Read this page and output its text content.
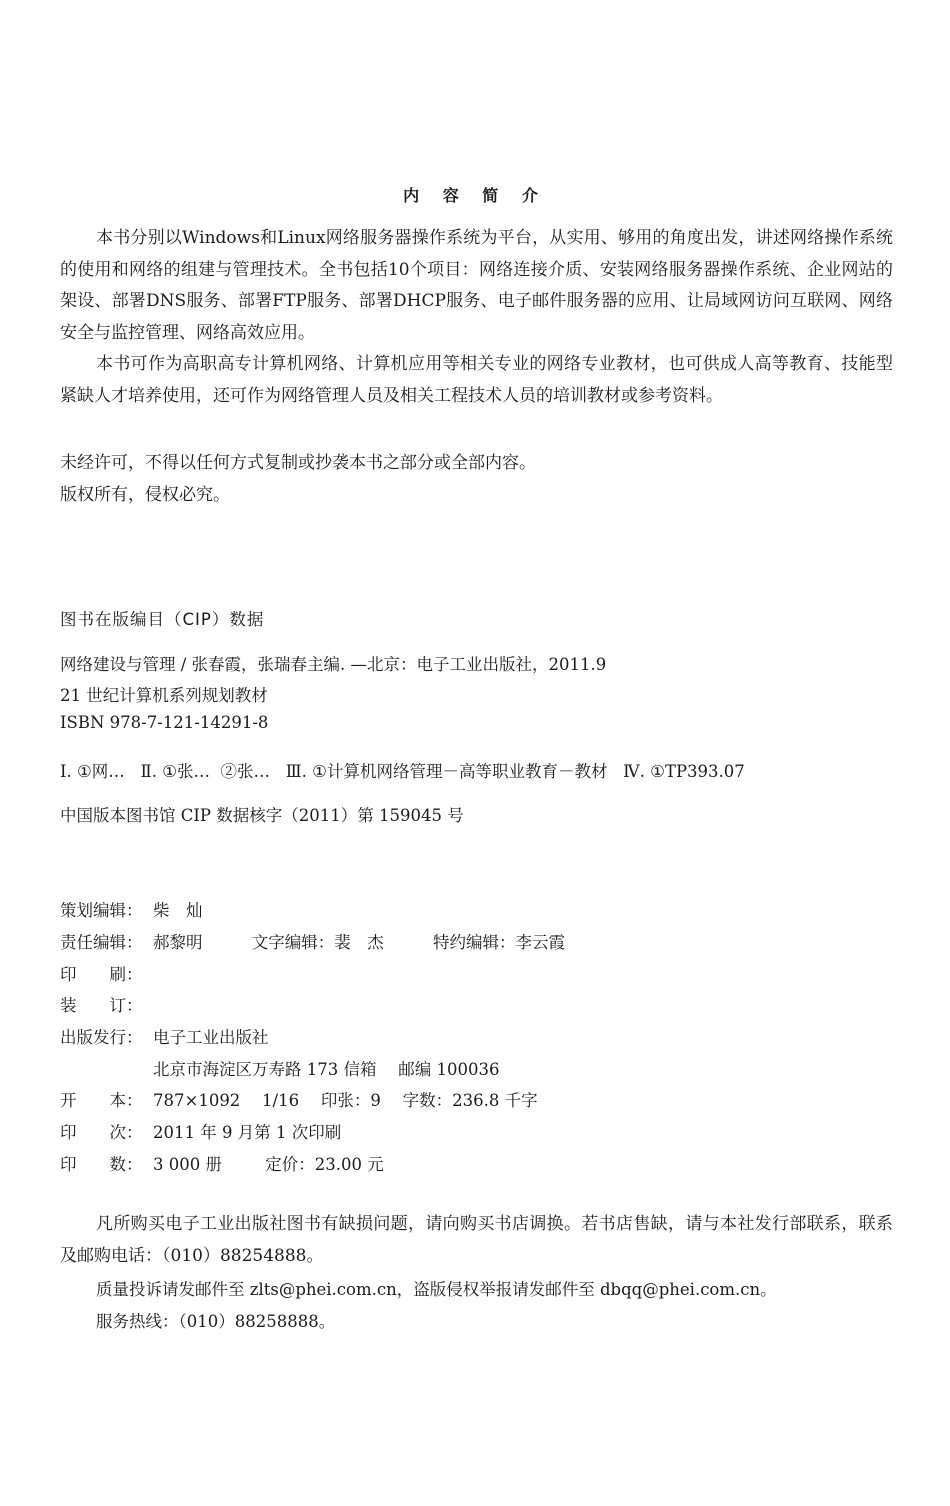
内 容 简 介
本书分别以Windows和Linux网络服务器操作系统为平台，从实用、够用的角度出发，讲述网络操作系统的使用和网络的组建与管理技术。全书包括10个项目：网络连接介质、安装网络服务器操作系统、企业网站的架设、部署DNS服务、部署FTP服务、部署DHCP服务、电子邮件服务器的应用、让局域网访问互联网、网络安全与监控管理、网络高效应用。
本书可作为高职高专计算机网络、计算机应用等相关专业的网络专业教材，也可供成人高等教育、技能型紧缺人才培养使用，还可作为网络管理人员及相关工程技术人员的培训教材或参考资料。
未经许可，不得以任何方式复制或抄袭本书之部分或全部内容。
版权所有，侵权必究。
图书在版编目（CIP）数据
网络建设与管理 / 张春霞，张瑞春主编. —北京：电子工业出版社，2011.9
21 世纪计算机系列规划教材
ISBN 978-7-121-14291-8
Ⅰ. ①网…   Ⅱ. ①张…  ②张…   Ⅲ. ①计算机网络管理－高等职业教育－教材   Ⅳ. ①TP393.07
中国版本图书馆 CIP 数据核字（2011）第 159045 号
策划编辑： 柴　灿
责任编辑： 郝黎明	文字编辑：裴　杰	特约编辑：李云霞
印　　刷：
装　　订：
出版发行： 电子工业出版社
北京市海淀区万寿路 173 信箱　 邮编 100036
开　　本： 787×1092　 1/16　 印张：9　 字数：236.8 千字
印　　次： 2011 年 9 月第 1 次印刷
印　　数： 3 000 册	定价：23.00 元
凡所购买电子工业出版社图书有缺损问题，请向购买书店调换。若书店售缺，请与本社发行部联系，联系及邮购电话：（010）88254888。
质量投诉请发邮件至 zlts@phei.com.cn，盗版侵权举报请发邮件至 dbqq@phei.com.cn。
服务热线：（010）88258888。
